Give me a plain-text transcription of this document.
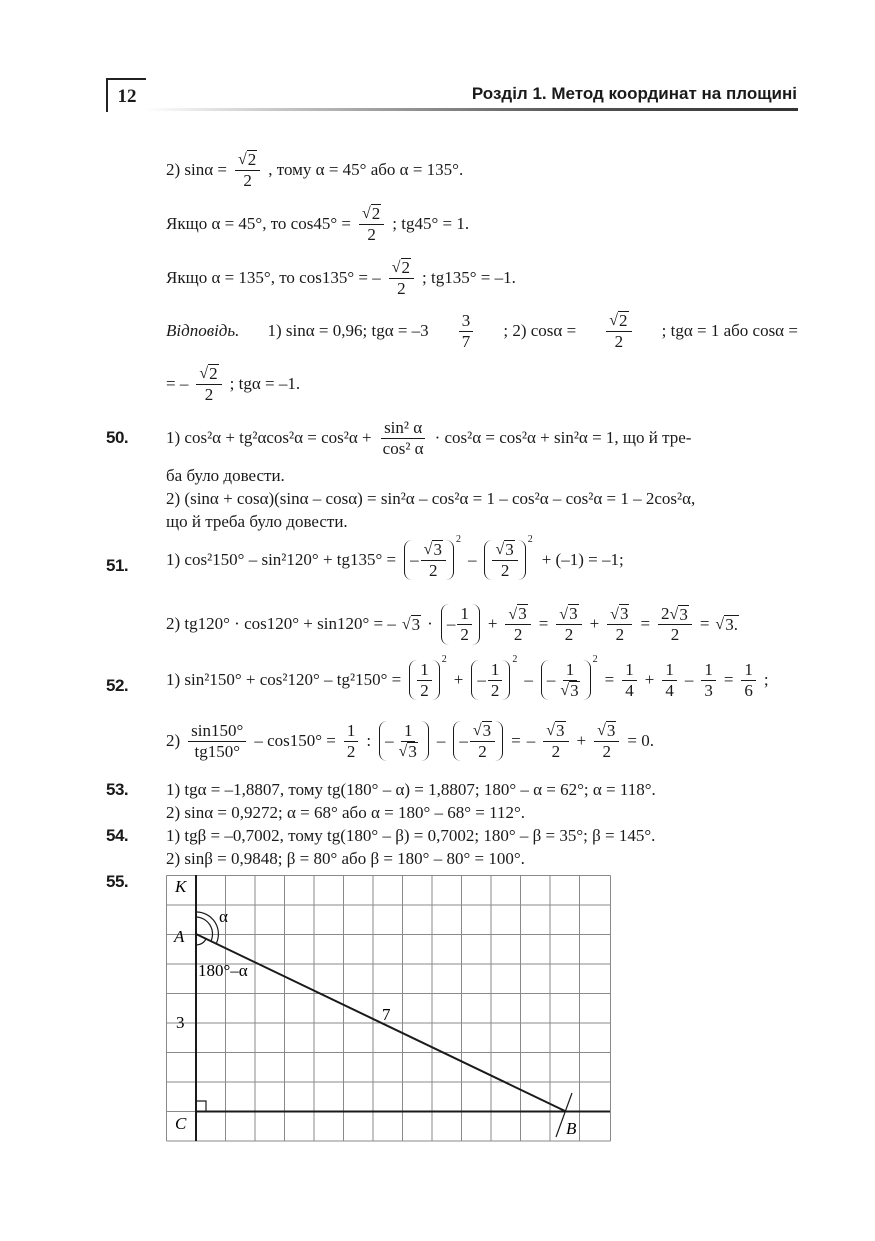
12	Розділ 1. Метод координат на площині
2) $\sin\alpha = \frac{√ 2}{2}$ , тому α = 45° або α = 135°.
Якщо α = 45°, то $\cos 45^\circ = \frac{√ 2}{2}$ ; tg45° = 1.
Якщо α = 135°, то cos135° = – $\frac{√ 2}{2}$ ; tg135° = –1.
Відповідь. 1) sinα = 0,96; $tg\alpha = -3 \frac{3}{7}$ ; 2) $\cos\alpha = \frac{√ 2}{2}$ ; tgα = 1 або cosα =
= – $\frac{√ 2}{2}$ ; tgα = –1.
50. 1) $\cos^2\alpha + tg^2\alpha\cos^2\alpha = \cos^2\alpha + \frac{\text{sin² α}}{\text{cos² α}} \cdot \cos^2\alpha = \cos^2\alpha + \sin^2\alpha = 1$, що й тре-
ба було довести.
2) (sinα + cosα)(sinα – cosα) = sin²α – cos²α = 1 – cos²α – cos²α = 1 – 2cos²α,
що й треба було довести.
51. 1) cos²150° – sin²120° + tg135° = – $\frac{√ 3}{2}$
$^2$
– $\frac{√ 3}{2}$
$^2$
+ (–1) = –1;
2) tg120° · cos120° + sin120° = – √ 3 · – $\frac{1}{2} + \frac{√ 3}{2} = \frac{√ 3}{2} + \frac{√ 3}{2} = \frac{2 √ 3}{2}$ = √ 3.
52. 1) $\sin^2150^\circ + \cos^2120^\circ - tg^2150^\circ = \frac{1}{2}$
$^2$
+ – $\frac{1}{2}$
$^2$
– – $\frac{1}{√ 3}$
$^2$
= $\frac{1}{4} + \frac{1}{4} - \frac{1}{3} = \frac{1}{6}$ ;
$2) \frac{\sin 150^\circ}{tg150^\circ} - \cos 150^\circ = \frac{1}{2}$ : – $\frac{1}{√ 3}$ – – $\frac{√ 3}{2}$ = – $\frac{√ 3}{2} + \frac{√ 3}{2} = 0$.
53. 1) tgα = –1,8807, тому tg(180° – α) = 1,8807; 180° – α = 62°; α = 118°.
2) sinα = 0,9272; α = 68° або α = 180° – 68° = 112°.
54. 1) tgβ = –0,7002, тому tg(180° – β) = 0,7002; 180° – β = 35°; β = 145°.
2) sinβ = 0,9848; β = 80° або β = 180° – 80° = 100°.
55.	K
A
C	B
α
180°–α
3	7
